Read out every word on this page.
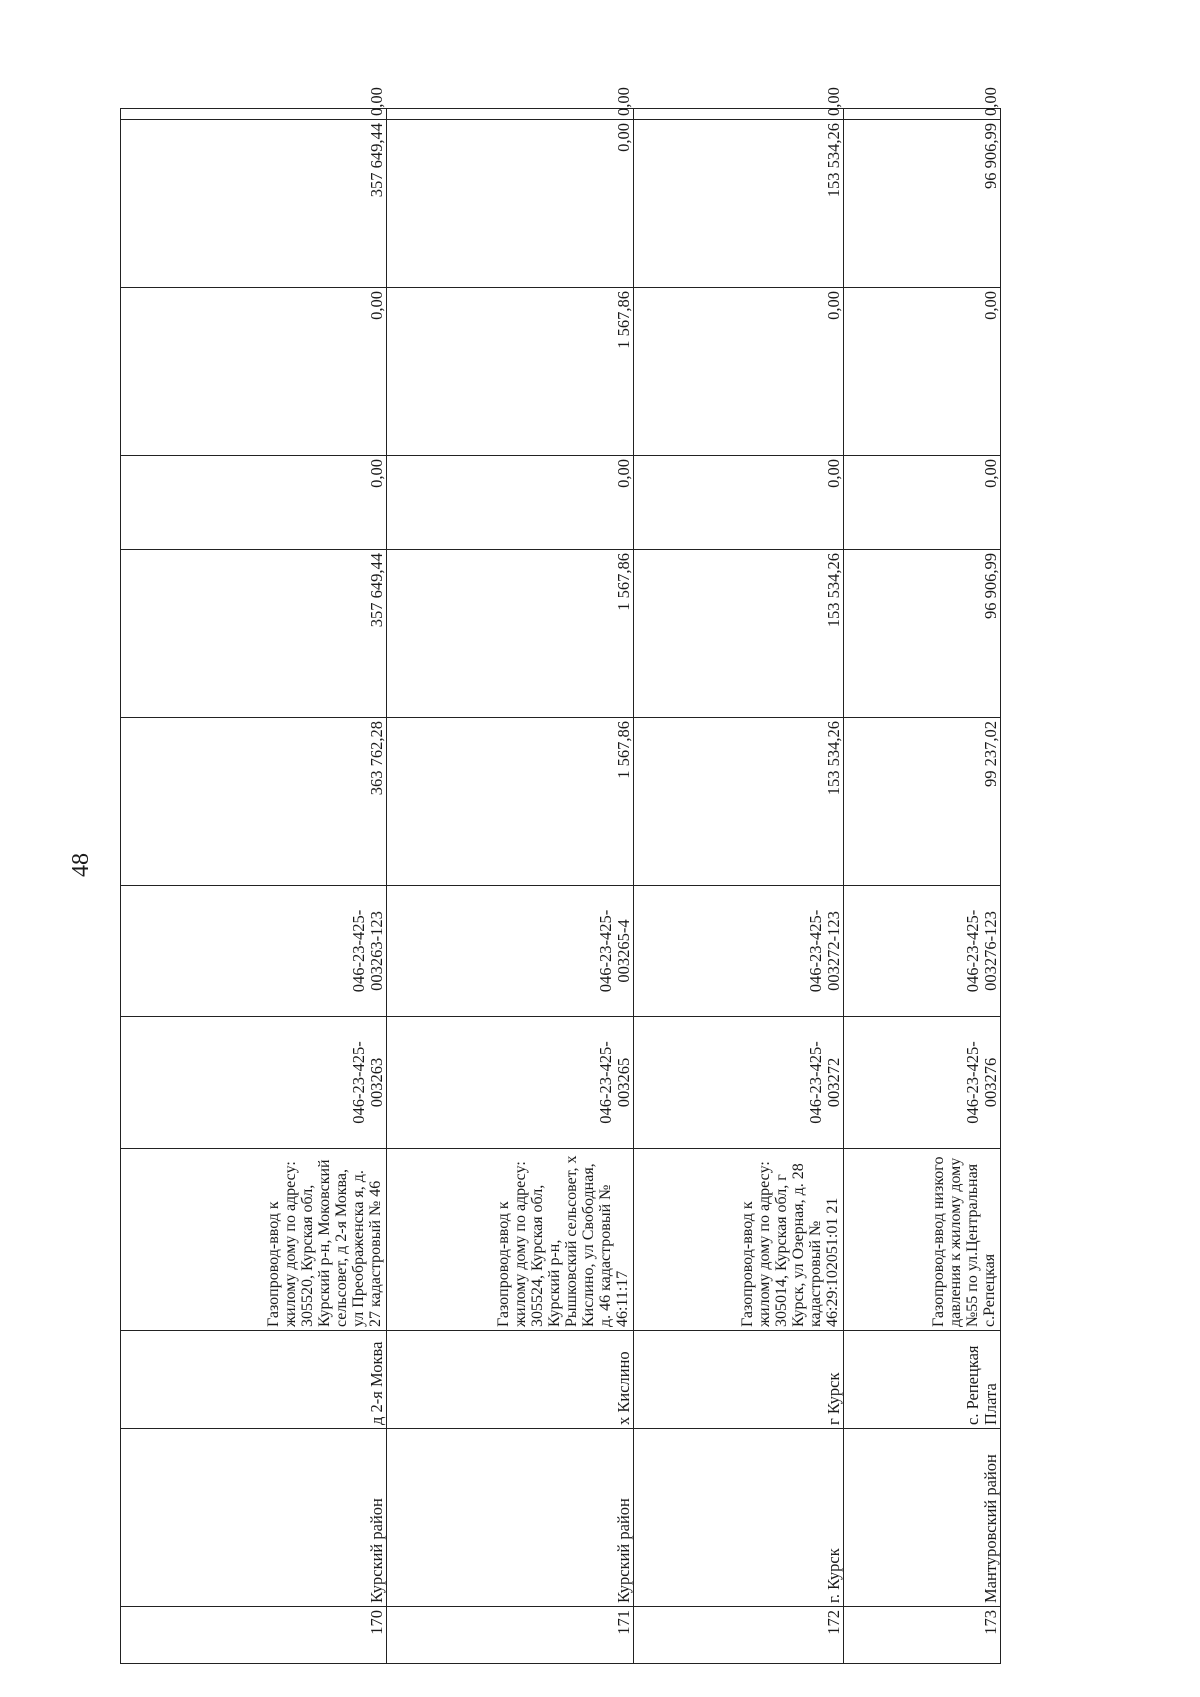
48
170	Курский район	д 2-я Моква	Газопровод-ввод к жилому дому по адресу: 305520, Курская обл, Курский р-н, Моковский сельсовет, д 2-я Моква, ул Преображенска я, д. 27 кадастровый № 46	046-23-425-003263	046-23-425-003263-123	363 762,28	357 649,44	0,00	0,00	357 649,44	0,00
171	Курский район	х Кислино	Газопровод-ввод к жилому дому по адресу: 305524, Курская обл, Курский р-н, Рышковский сельсовет, х Кислино, ул Свободная, д. 46 кадастровый № 46:11:17	046-23-425-003265	046-23-425-003265-4	1 567,86	1 567,86	0,00	1 567,86	0,00	0,00
172	г. Курск	г Курск	Газопровод-ввод к жилому дому по адресу: 305014, Курская обл, г Курск, ул Озерная, д. 28 кадастровый № 46:29:102051:01 21	046-23-425-003272	046-23-425-003272-123	153 534,26	153 534,26	0,00	0,00	153 534,26	0,00
173	Мантуровский район	с. Репецкая Плата	Газопровод-ввод низкого давления к жилому дому №55 по ул.Центральная с.Репецкая	046-23-425-003276	046-23-425-003276-123	99 237,02	96 906,99	0,00	0,00	96 906,99	0,00
